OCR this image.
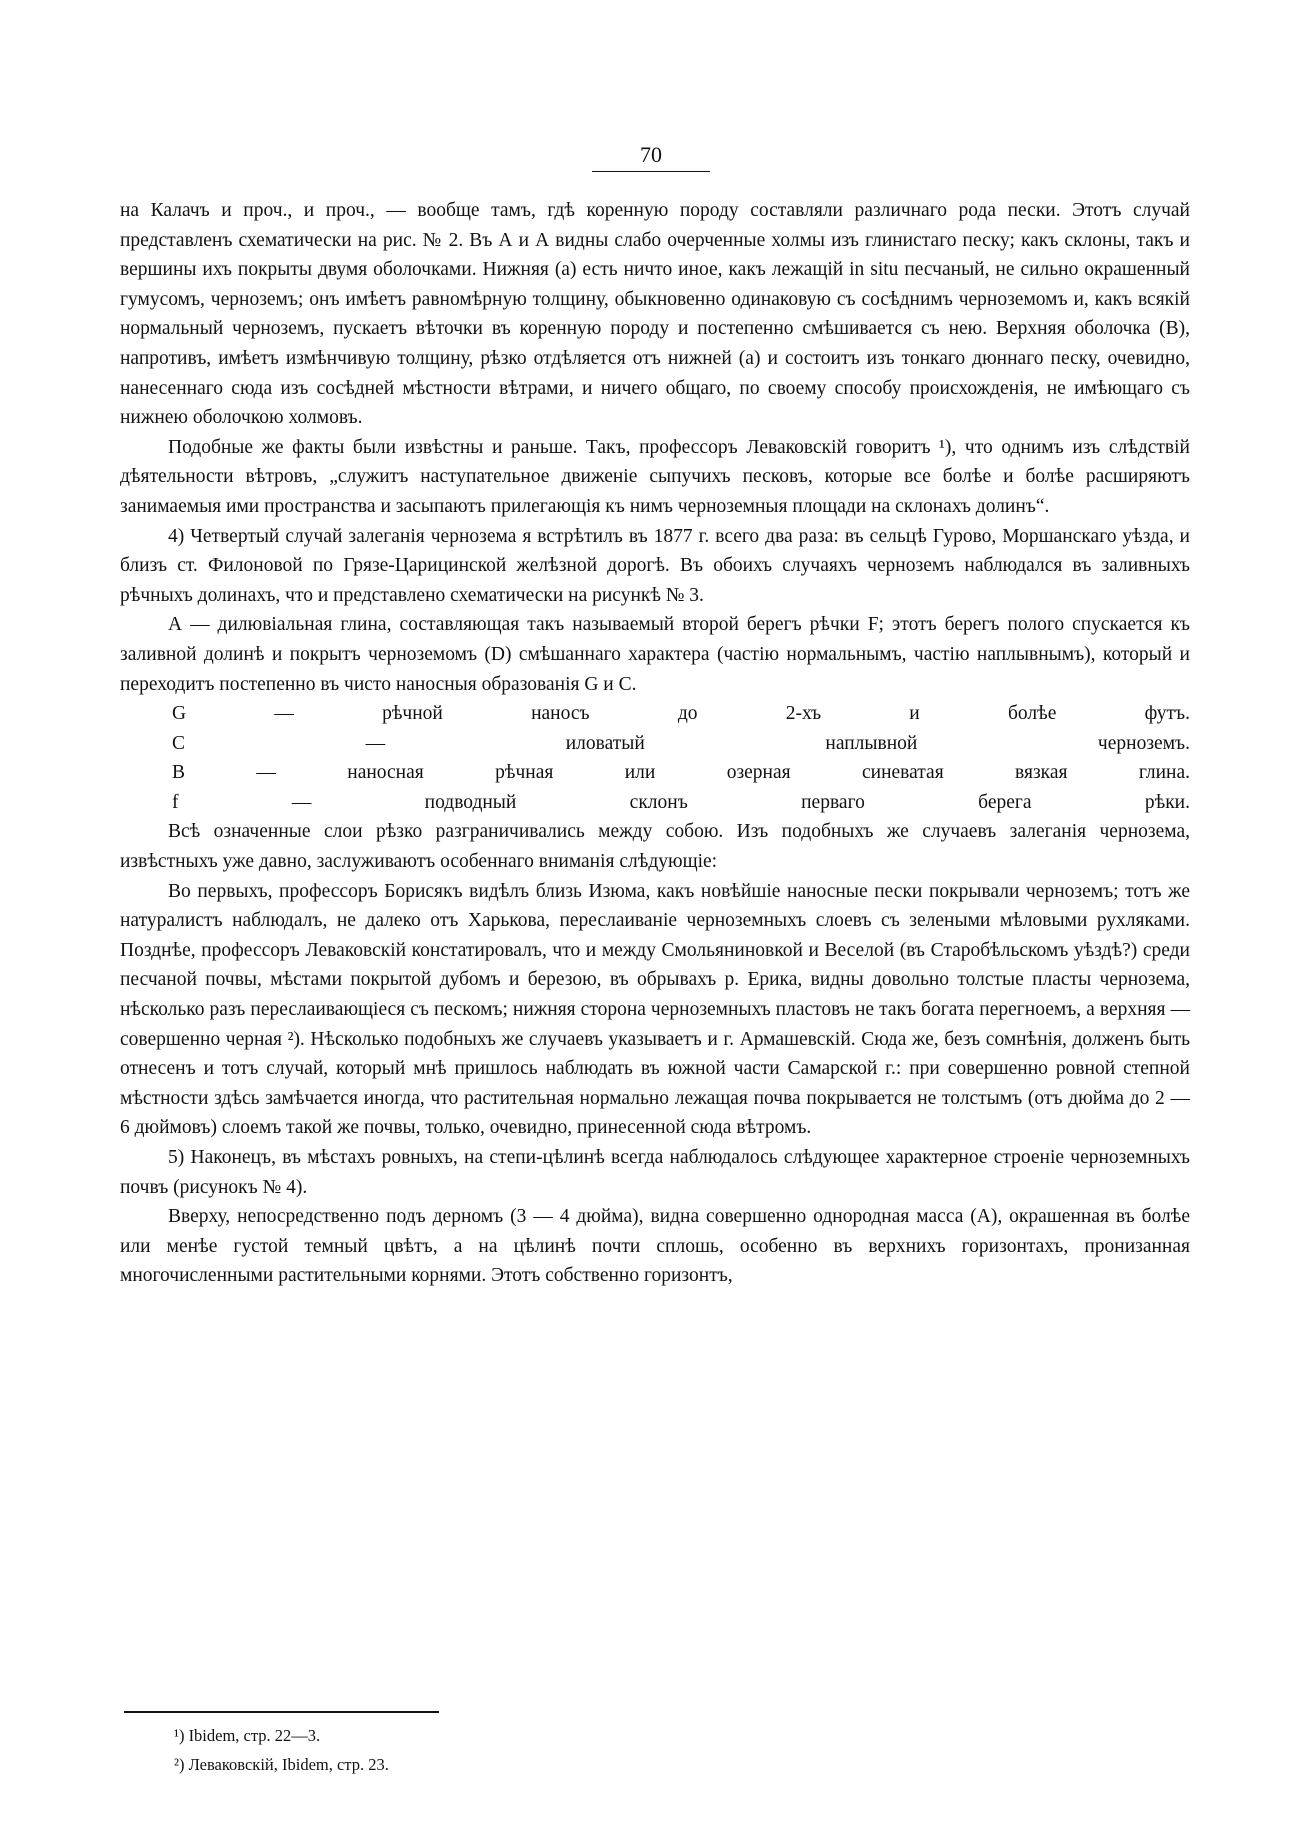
70

на Калачъ и проч., и проч., — вообще тамъ, гдѣ коренную породу составляли различнаго рода пески. Этотъ случай представленъ схематически на рис. № 2. Въ А и А видны слабо очерченные холмы изъ глинистаго песку; какъ склоны, такъ и вершины ихъ покрыты двумя оболочками. Нижняя (а) есть ничто иное, какъ лежащій in situ песчаный, не сильно окрашенный гумусомъ, черноземъ; онъ имѣетъ равномѣрную толщину, обыкновенно одинаковую съ сосѣднимъ черноземомъ и, какъ всякій нормальный черноземъ, пускаетъ вѣточки въ коренную породу и постепенно смѣшивается съ нею. Верхняя оболочка (В), напротивъ, имѣетъ измѣнчивую толщину, рѣзко отдѣляется отъ нижней (а) и состоитъ изъ тонкаго дюннаго песку, очевидно, нанесеннаго сюда изъ сосѣдней мѣстности вѣтрами, и ничего общаго, по своему способу происхожденія, не имѣющаго съ нижнею оболочкою холмовъ.

Подобные же факты были извѣстны и раньше. Такъ, профессоръ Леваковскій говоритъ ¹), что однимъ изъ слѣдствій дѣятельности вѣтровъ, „служитъ наступательное движеніе сыпучихъ песковъ, которые все болѣе и болѣе расширяютъ занимаемыя ими пространства и засыпаютъ прилегающія къ нимъ черноземныя площади на склонахъ долинъ“.

4) Четвертый случай залеганія чернозема я встрѣтилъ въ 1877 г. всего два раза: въ сельцѣ Гурово, Моршанскаго уѣзда, и близъ ст. Филоновой по Грязе-Царицинской желѣзной дорогѣ. Въ обоихъ случаяхъ черноземъ наблюдался въ заливныхъ рѣчныхъ долинахъ, что и представлено схематически на рисункѣ № 3.

А — дилювіальная глина, составляющая такъ называемый второй берегъ рѣчки F; этотъ берегъ полого спускается къ заливной долинѣ и покрытъ черноземомъ (D) смѣшаннаго характера (частію нормальнымъ, частію наплывнымъ), который и переходитъ постепенно въ чисто наносныя образованія G и C.

G — рѣчной наносъ до 2-хъ и болѣе футъ.

C — иловатый наплывной черноземъ.

B — наносная рѣчная или озерная синеватая вязкая глина.

f — подводный склонъ перваго берега рѣки.

Всѣ означенные слои рѣзко разграничивались между собою. Изъ подобныхъ же случаевъ залеганія чернозема, извѣстныхъ уже давно, заслуживаютъ особеннаго вниманія слѣдующіе:

Во первыхъ, профессоръ Борисякъ видѣлъ близь Изюма, какъ новѣйшіе наносные пески покрывали черноземъ; тотъ же натуралистъ наблюдалъ, не далеко отъ Харькова, переслаиваніе черноземныхъ слоевъ съ зелеными мѣловыми рухляками. Позднѣе, профессоръ Леваковскій констатировалъ, что и между Смольяниновкой и Веселой (въ Старобѣльскомъ уѣздѣ?) среди песчаной почвы, мѣстами покрытой дубомъ и березою, въ обрывахъ р. Ерика, видны довольно толстые пласты чернозема, нѣсколько разъ переслаивающіеся съ пескомъ; нижняя сторона черноземныхъ пластовъ не такъ богата перегноемъ, а верхняя — совершенно черная ²). Нѣсколько подобныхъ же случаевъ указываетъ и г. Армашевскій. Сюда же, безъ сомнѣнія, долженъ быть отнесенъ и тотъ случай, который мнѣ пришлось наблюдать въ южной части Самарской г.: при совершенно ровной степной мѣстности здѣсь замѣчается иногда, что растительная нормально лежащая почва покрывается не толстымъ (отъ дюйма до 2 — 6 дюймовъ) слоемъ такой же почвы, только, очевидно, принесенной сюда вѣтромъ.

5) Наконецъ, въ мѣстахъ ровныхъ, на степи-цѣлинѣ всегда наблюдалось слѣдующее характерное строеніе черноземныхъ почвъ (рисунокъ № 4).

Вверху, непосредственно подъ дерномъ (3 — 4 дюйма), видна совершенно однородная масса (А), окрашенная въ болѣе или менѣе густой темный цвѣтъ, а на цѣлинѣ почти сплошь, особенно въ верхнихъ горизонтахъ, пронизанная многочисленными растительными корнями. Этотъ собственно горизонтъ,

¹) Ibidem, стр. 22—3.
²) Леваковскій, Ibidem, стр. 23.
